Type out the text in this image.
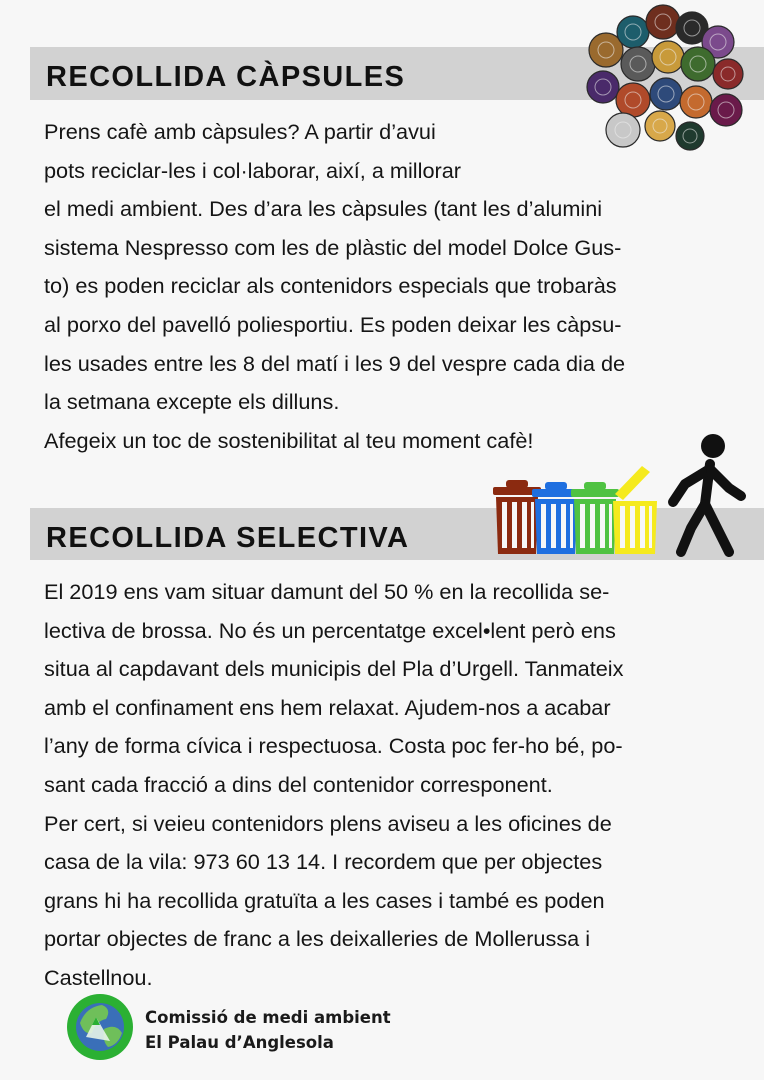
RECOLLIDA CÀPSULES
Prens cafè amb càpsules? A partir d’avui
pots reciclar-les i col·laborar, així, a millorar
el medi ambient. Des d’ara les càpsules (tant les d’alumini
sistema Nespresso com les de plàstic del model Dolce Gus-
to) es poden reciclar als contenidors especials que trobaràs
al porxo del pavelló poliesportiu. Es poden deixar les càpsu-
les usades entre les 8 del matí i les 9 del vespre cada dia de
la setmana excepte els dilluns.
Afegeix un toc de sostenibilitat al teu moment cafè!
RECOLLIDA SELECTIVA
El 2019 ens vam situar damunt del 50 % en la recollida se-
lectiva de brossa. No és un percentatge excel•lent però ens
situa al capdavant dels municipis del Pla d’Urgell. Tanmateix
amb el confinament ens hem relaxat. Ajudem-nos a acabar
l’any de forma cívica i respectuosa. Costa poc fer-ho bé, po-
sant cada fracció a dins del contenidor corresponent.
Per cert, si veieu contenidors plens aviseu a les oficines de
casa de la vila: 973 60 13 14. I recordem que per objectes
grans hi ha recollida gratuïta a les cases i també es poden
portar objectes de franc a les deixalleries de Mollerussa i
Castellnou.

Comissió de medi ambient

El Palau d’Anglesola
